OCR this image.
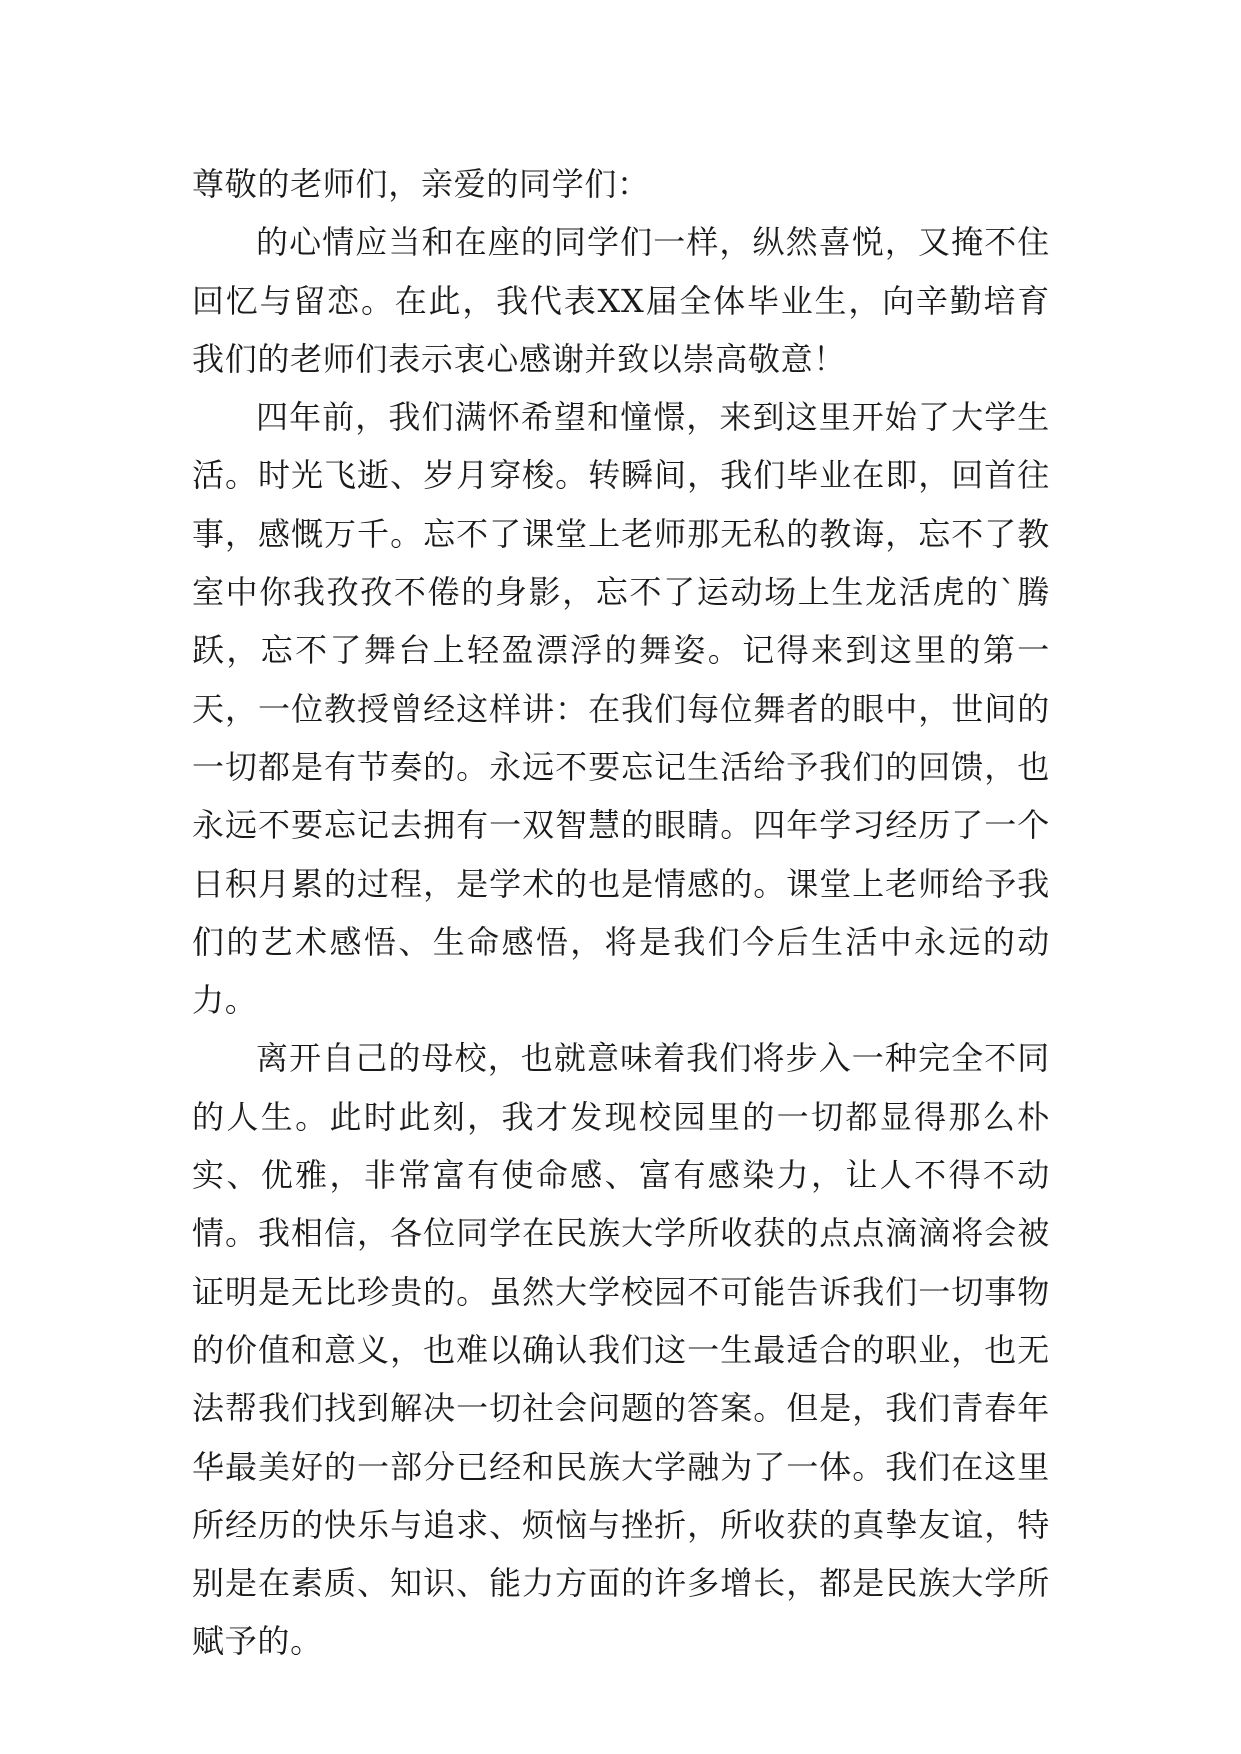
尊敬的老师们，亲爱的同学们：

的心情应当和在座的同学们一样，纵然喜悦，又掩不住回忆与留恋。在此，我代表XX届全体毕业生，向辛勤培育我们的老师们表示衷心感谢并致以崇高敬意！

四年前，我们满怀希望和憧憬，来到这里开始了大学生活。时光飞逝、岁月穿梭。转瞬间，我们毕业在即，回首往事，感慨万千。忘不了课堂上老师那无私的教诲，忘不了教室中你我孜孜不倦的身影，忘不了运动场上生龙活虎的`腾跃，忘不了舞台上轻盈漂浮的舞姿。记得来到这里的第一天，一位教授曾经这样讲：在我们每位舞者的眼中，世间的一切都是有节奏的。永远不要忘记生活给予我们的回馈，也永远不要忘记去拥有一双智慧的眼睛。四年学习经历了一个日积月累的过程，是学术的也是情感的。课堂上老师给予我们的艺术感悟、生命感悟，将是我们今后生活中永远的动力。

离开自己的母校，也就意味着我们将步入一种完全不同的人生。此时此刻，我才发现校园里的一切都显得那么朴实、优雅，非常富有使命感、富有感染力，让人不得不动情。我相信，各位同学在民族大学所收获的点点滴滴将会被证明是无比珍贵的。虽然大学校园不可能告诉我们一切事物的价值和意义，也难以确认我们这一生最适合的职业，也无法帮我们找到解决一切社会问题的答案。但是，我们青春年华最美好的一部分已经和民族大学融为了一体。我们在这里所经历的快乐与追求、烦恼与挫折，所收获的真挚友谊，特别是在素质、知识、能力方面的许多增长，都是民族大学所赋予的。
